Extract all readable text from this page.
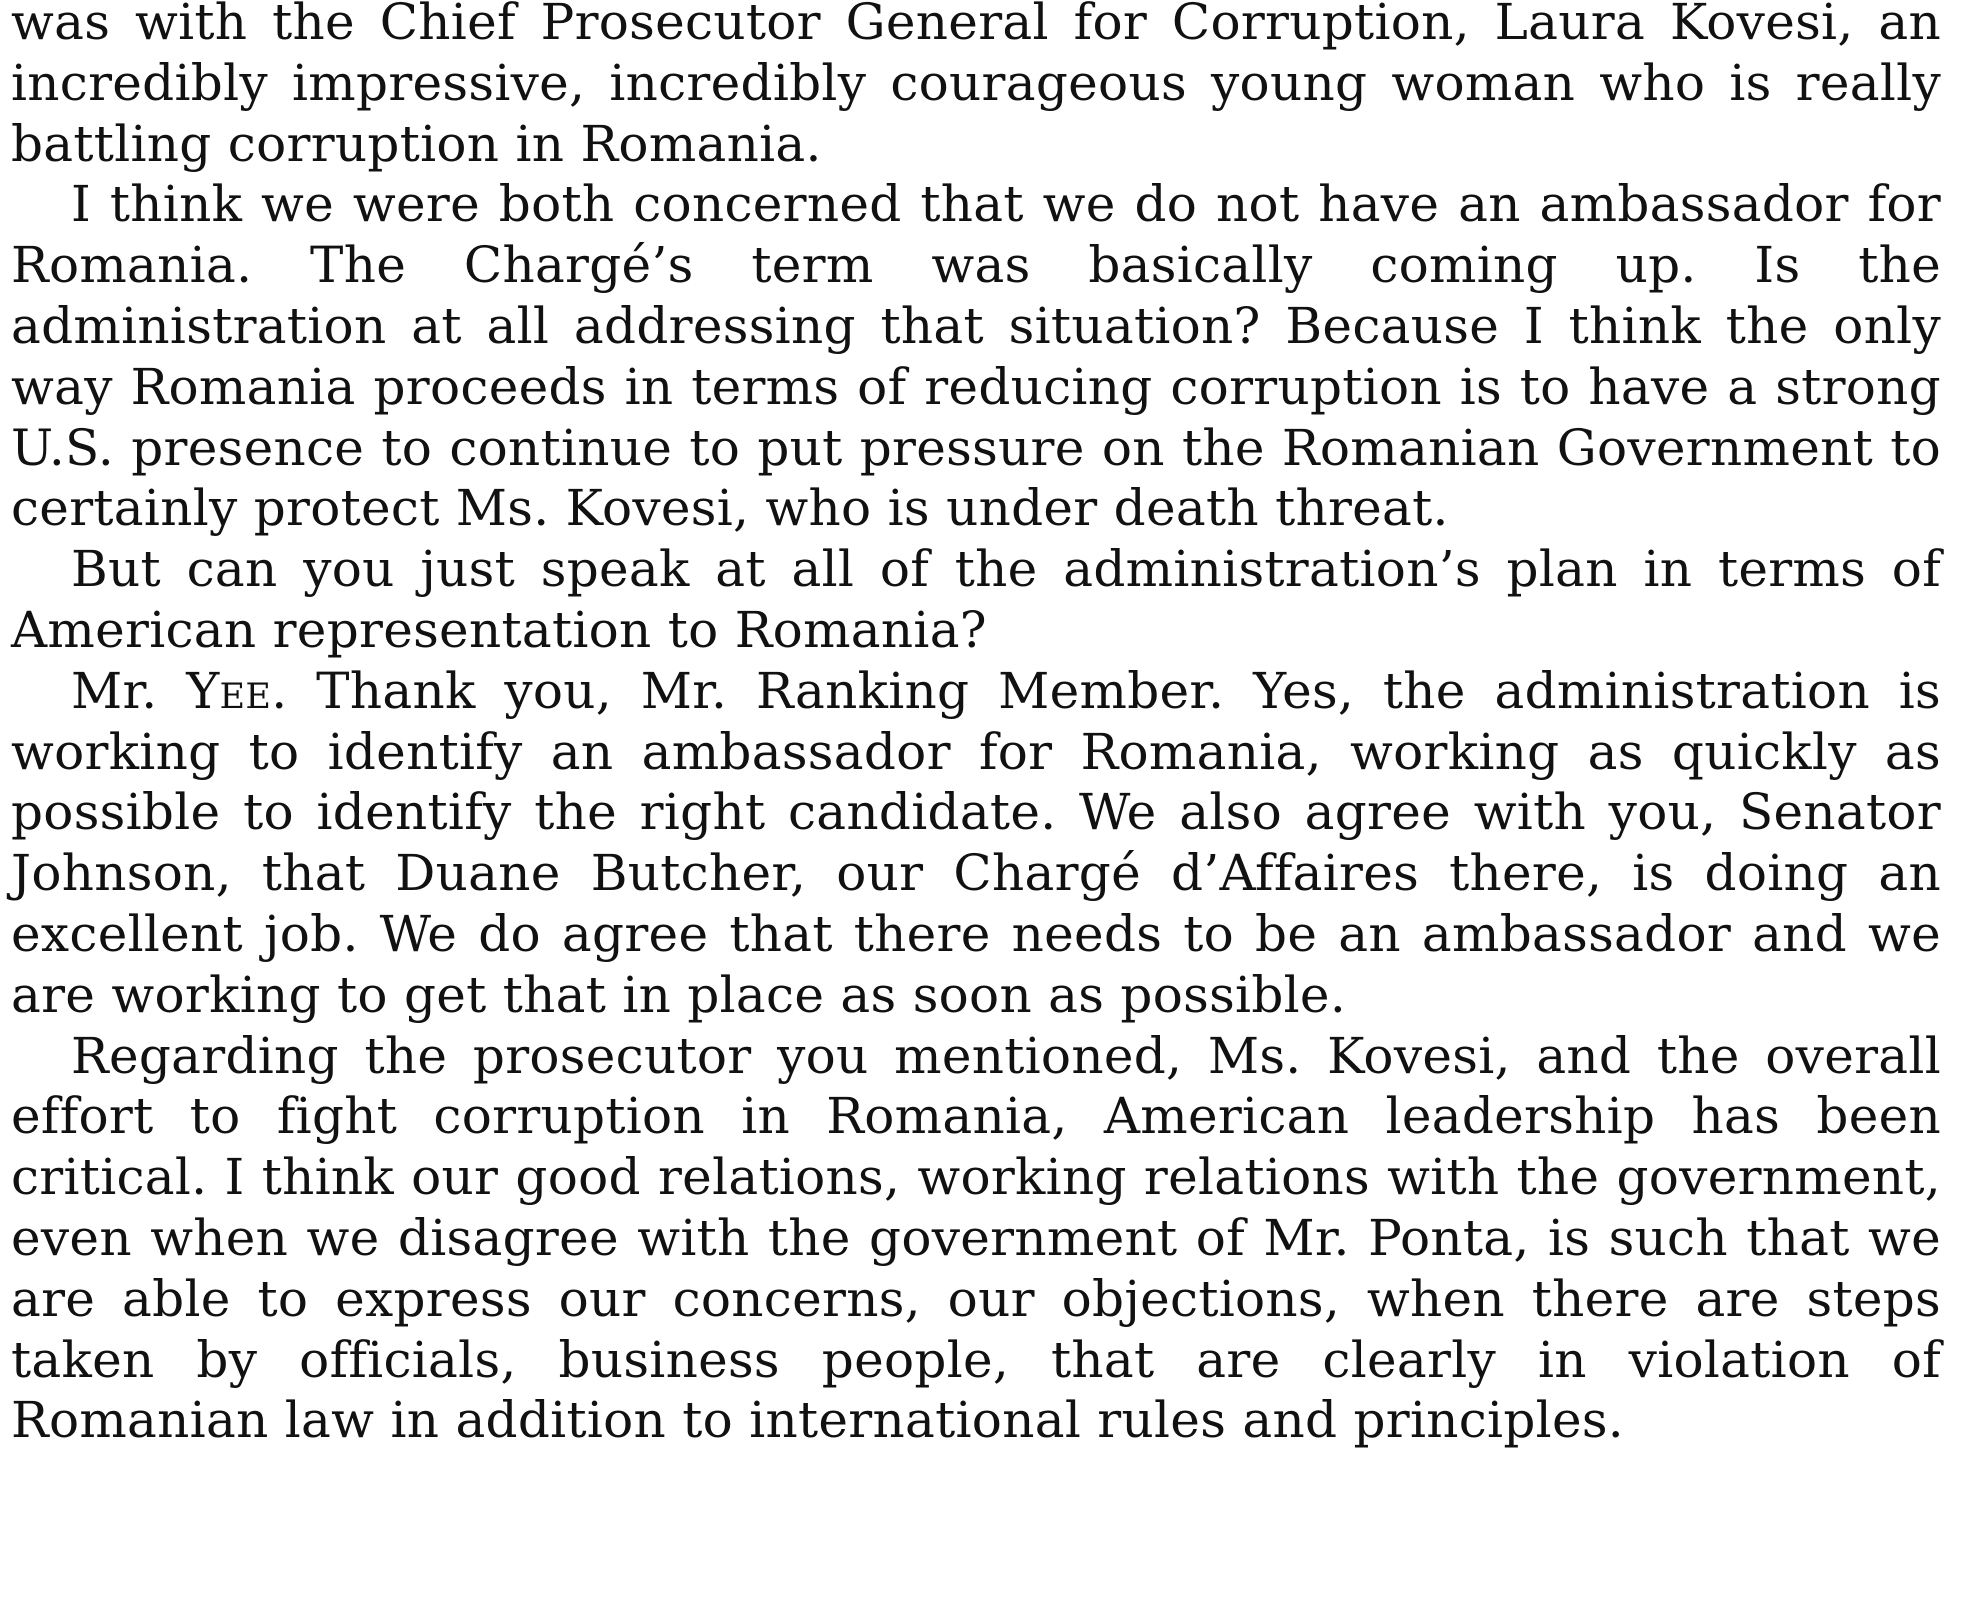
was with the Chief Prosecutor General for Corruption, Laura Kovesi, an incredibly impressive, incredibly courageous young woman who is really battling corruption in Romania.

I think we were both concerned that we do not have an ambassador for Romania. The Chargé’s term was basically coming up. Is the administration at all addressing that situation? Because I think the only way Romania proceeds in terms of reducing corruption is to have a strong U.S. presence to continue to put pressure on the Romanian Government to certainly protect Ms. Kovesi, who is under death threat.

But can you just speak at all of the administration’s plan in terms of American representation to Romania?

Mr. Yee. Thank you, Mr. Ranking Member. Yes, the administration is working to identify an ambassador for Romania, working as quickly as possible to identify the right candidate. We also agree with you, Senator Johnson, that Duane Butcher, our Chargé d’Affaires there, is doing an excellent job. We do agree that there needs to be an ambassador and we are working to get that in place as soon as possible.

Regarding the prosecutor you mentioned, Ms. Kovesi, and the overall effort to fight corruption in Romania, American leadership has been critical. I think our good relations, working relations with the government, even when we disagree with the government of Mr. Ponta, is such that we are able to express our concerns, our objections, when there are steps taken by officials, business people, that are clearly in violation of Romanian law in addition to international rules and principles.
